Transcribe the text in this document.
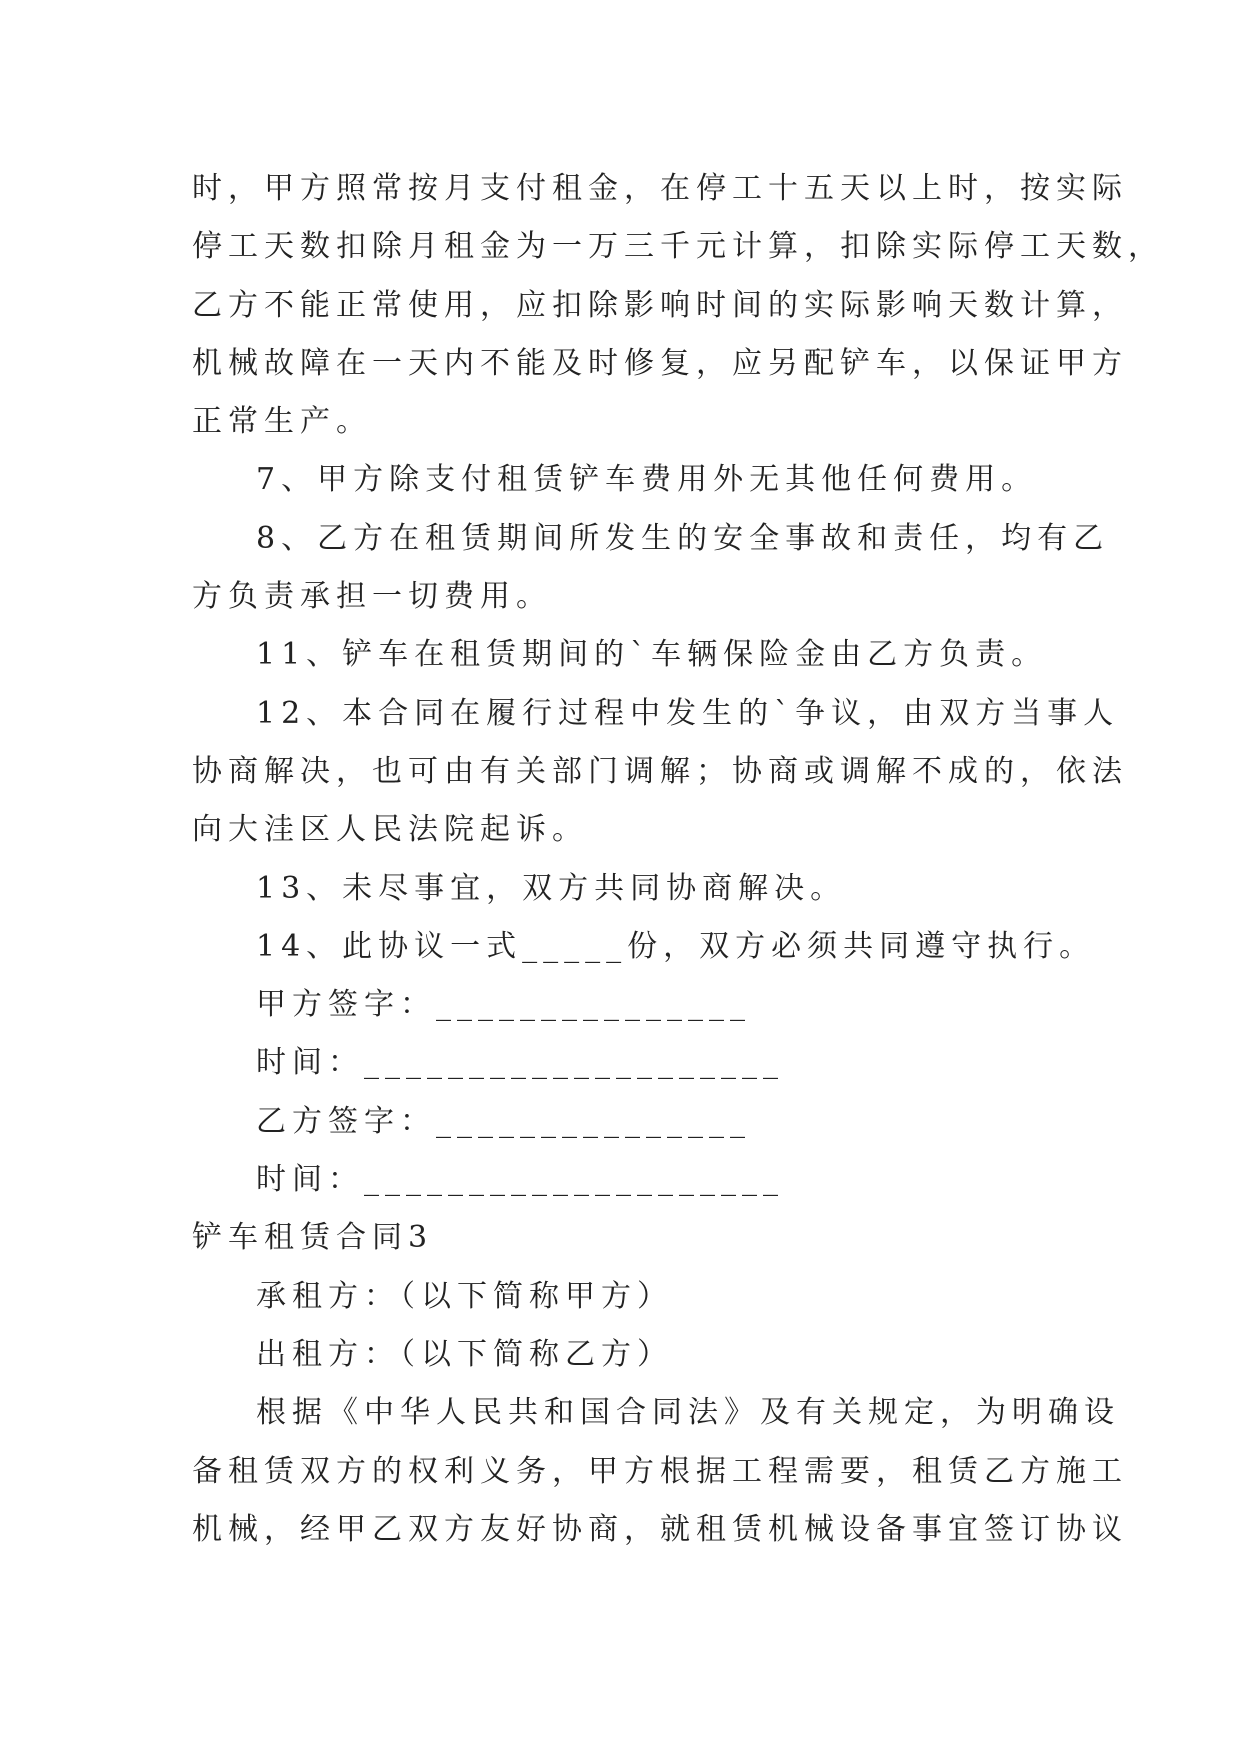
时，甲方照常按月支付租金，在停工十五天以上时，按实际
停工天数扣除月租金为一万三千元计算，扣除实际停工天数，
乙方不能正常使用，应扣除影响时间的实际影响天数计算，
机械故障在一天内不能及时修复，应另配铲车，以保证甲方
正常生产。
7、甲方除支付租赁铲车费用外无其他任何费用。
8、乙方在租赁期间所发生的安全事故和责任，均有乙
方负责承担一切费用。
11、铲车在租赁期间的`车辆保险金由乙方负责。
12、本合同在履行过程中发生的`争议，由双方当事人
协商解决，也可由有关部门调解；协商或调解不成的，依法
向大洼区人民法院起诉。
13、未尽事宜，双方共同协商解决。
14、此协议一式_____份，双方必须共同遵守执行。
甲方签字：_______________
时间：____________________
乙方签字：_______________
时间：____________________
铲车租赁合同3
承租方：（以下简称甲方）
出租方：（以下简称乙方）
根据《中华人民共和国合同法》及有关规定，为明确设
备租赁双方的权利义务，甲方根据工程需要，租赁乙方施工
机械，经甲乙双方友好协商，就租赁机械设备事宜签订协议
